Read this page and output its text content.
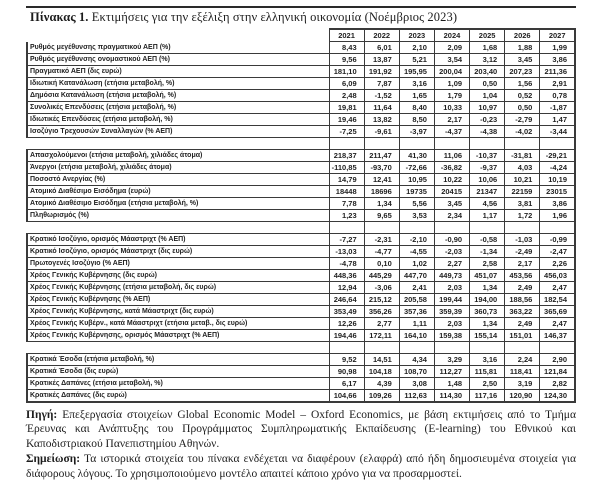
Πίνακας 1. Εκτιμήσεις για την εξέλιξη στην ελληνική οικονομία (Νοέμβριος 2023)
	2021	2022	2023	2024	2025	2026	2027
Ρυθμός μεγέθυνσης πραγματικού ΑΕΠ (%)	8,43	6,01	2,10	2,09	1,68	1,88	1,99
Ρυθμός μεγέθυνσης ονομαστικού ΑΕΠ (%)	9,56	13,87	5,21	3,54	3,12	3,45	3,86
Πραγματικό ΑΕΠ (δις ευρώ)	181,10	191,92	195,95	200,04	203,40	207,23	211,36
Ιδιωτική Κατανάλωση (ετήσια μεταβολή, %)	6,09	7,87	3,16	1,09	0,50	1,56	2,91
Δημόσια Κατανάλωση (ετήσια μεταβολή, %)	2,48	-1,52	1,65	1,79	1,04	0,52	0,78
Συνολικές Επενδύσεις (ετήσια μεταβολή, %)	19,81	11,64	8,40	10,33	10,97	0,50	-1,87
Ιδιωτικές Επενδύσεις (ετήσια μεταβολή, %)	19,46	13,82	8,50	2,17	-0,23	-2,79	1,47
Ισοζύγιο Τρεχουσών Συναλλαγών (% ΑΕΠ)	-7,25	-9,61	-3,97	-4,37	-4,38	-4,02	-3,44

Απασχολούμενοι (ετήσια μεταβολή, χιλιάδες άτομα)	218,37	211,47	41,30	11,06	-10,37	-31,81	-29,21
Άνεργοι (ετήσια μεταβολή, χιλιάδες άτομα)	-110,85	-93,70	-72,66	-36,82	-9,37	4,03	-4,24
Ποσοστό Ανεργίας (%)	14,79	12,41	10,95	10,22	10,06	10,21	10,19
Ατομικό Διαθέσιμο Εισόδημα (ευρώ)	18448	18696	19735	20415	21347	22159	23015
Ατομικό Διαθέσιμο Εισόδημα (ετήσια μεταβολή, %)	7,78	1,34	5,56	3,45	4,56	3,81	3,86
Πληθωρισμός (%)	1,23	9,65	3,53	2,34	1,17	1,72	1,96

Κρατικό Ισοζύγιο, ορισμός Μάαστριχτ (% ΑΕΠ)	-7,27	-2,31	-2,10	-0,90	-0,58	-1,03	-0,99
Κρατικό Ισοζύγιο, ορισμός Μάαστριχτ (δις ευρώ)	-13,03	-4,77	-4,55	-2,03	-1,34	-2,49	-2,47
Πρωτογενές Ισοζύγιο (% ΑΕΠ)	-4,78	0,10	1,02	2,27	2,58	2,17	2,26
Χρέος Γενικής Κυβέρνησης (δις ευρώ)	448,36	445,29	447,70	449,73	451,07	453,56	456,03
Χρέος Γενικής Κυβέρνησης (ετήσια μεταβολή, δις ευρώ)	12,94	-3,06	2,41	2,03	1,34	2,49	2,47
Χρέος Γενικής Κυβέρνησης (% ΑΕΠ)	246,64	215,12	205,58	199,44	194,00	188,56	182,54
Χρέος Γενικής Κυβέρνησης, κατά Μάαστριχτ (δις ευρώ)	353,49	356,26	357,36	359,39	360,73	363,22	365,69
Χρέος Γενικής Κυβέρν., κατά Μάαστριχτ (ετήσια μεταβ., δις ευρώ)	12,26	2,77	1,11	2,03	1,34	2,49	2,47
Χρέος Γενικής Κυβέρνησης, ορισμός Μάαστριχτ (% ΑΕΠ)	194,46	172,11	164,10	159,38	155,14	151,01	146,37

Κρατικά Έσοδα (ετήσια μεταβολή, %)	9,52	14,51	4,34	3,29	3,16	2,24	2,90
Κρατικά Έσοδα (δις ευρώ)	90,98	104,18	108,70	112,27	115,81	118,41	121,84
Κρατικές Δαπάνες (ετήσια μεταβολή, %)	6,17	4,39	3,08	1,48	2,50	3,19	2,82
Κρατικές Δαπάνες (δις ευρώ)	104,66	109,26	112,63	114,30	117,16	120,90	124,30

Πηγή: Επεξεργασία στοιχείων Global Economic Model – Oxford Economics, με βάση εκτιμήσεις από το Τμήμα Έρευνας και Ανάπτυξης του Προγράμματος Συμπληρωματικής Εκπαίδευσης (E-learning) του Εθνικού και Καποδιστριακού Πανεπιστημίου Αθηνών.

Σημείωση: Τα ιστορικά στοιχεία του πίνακα ενδέχεται να διαφέρουν (ελαφρά) από ήδη δημοσιευμένα στοιχεία για διάφορους λόγους. Το χρησιμοποιούμενο μοντέλο απαιτεί κάποιο χρόνο για να προσαρμοστεί.
